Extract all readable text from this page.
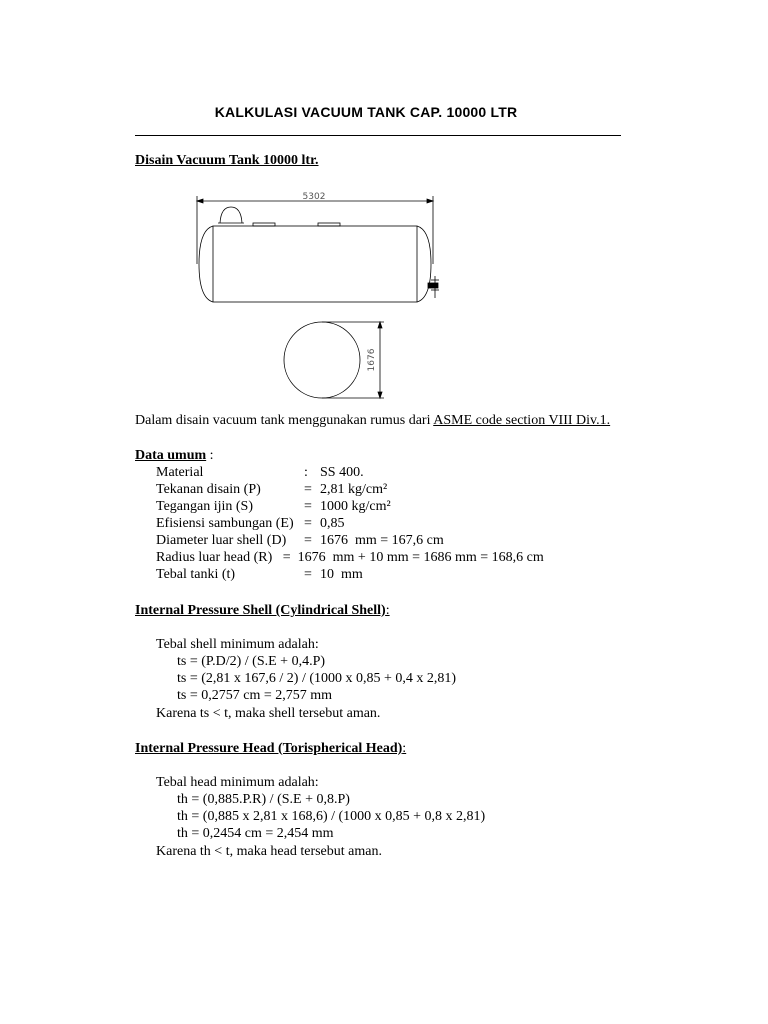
KALKULASI VACUUM TANK CAP. 10000 LTR
Disain Vacuum Tank 10000 ltr.
5302
1676
Dalam disain vacuum tank menggunakan rumus dari ASME code section VIII Div.1.
Data umum :
Material	: SS 400.
Tekanan disain (P)	= 2,81 kg/cm²
Tegangan ijin (S)	= 1000 kg/cm²
Efisiensi sambungan (E) = 0,85
Diameter luar shell (D) = 1676  mm = 167,6 cm
Radius luar head (R)   =  1676  mm + 10 mm = 1686 mm = 168,6 cm
Tebal tanki (t)	= 10  mm
Internal Pressure Shell (Cylindrical Shell):
Tebal shell minimum adalah:
ts = (P.D/2) / (S.E + 0,4.P)
ts = (2,81 x 167,6 / 2) / (1000 x 0,85 + 0,4 x 2,81)
ts = 0,2757 cm = 2,757 mm
Karena ts < t, maka shell tersebut aman.
Internal Pressure Head (Torispherical Head):
Tebal head minimum adalah:
th = (0,885.P.R) / (S.E + 0,8.P)
th = (0,885 x 2,81 x 168,6) / (1000 x 0,85 + 0,8 x 2,81)
th = 0,2454 cm = 2,454 mm
Karena th < t, maka head tersebut aman.
